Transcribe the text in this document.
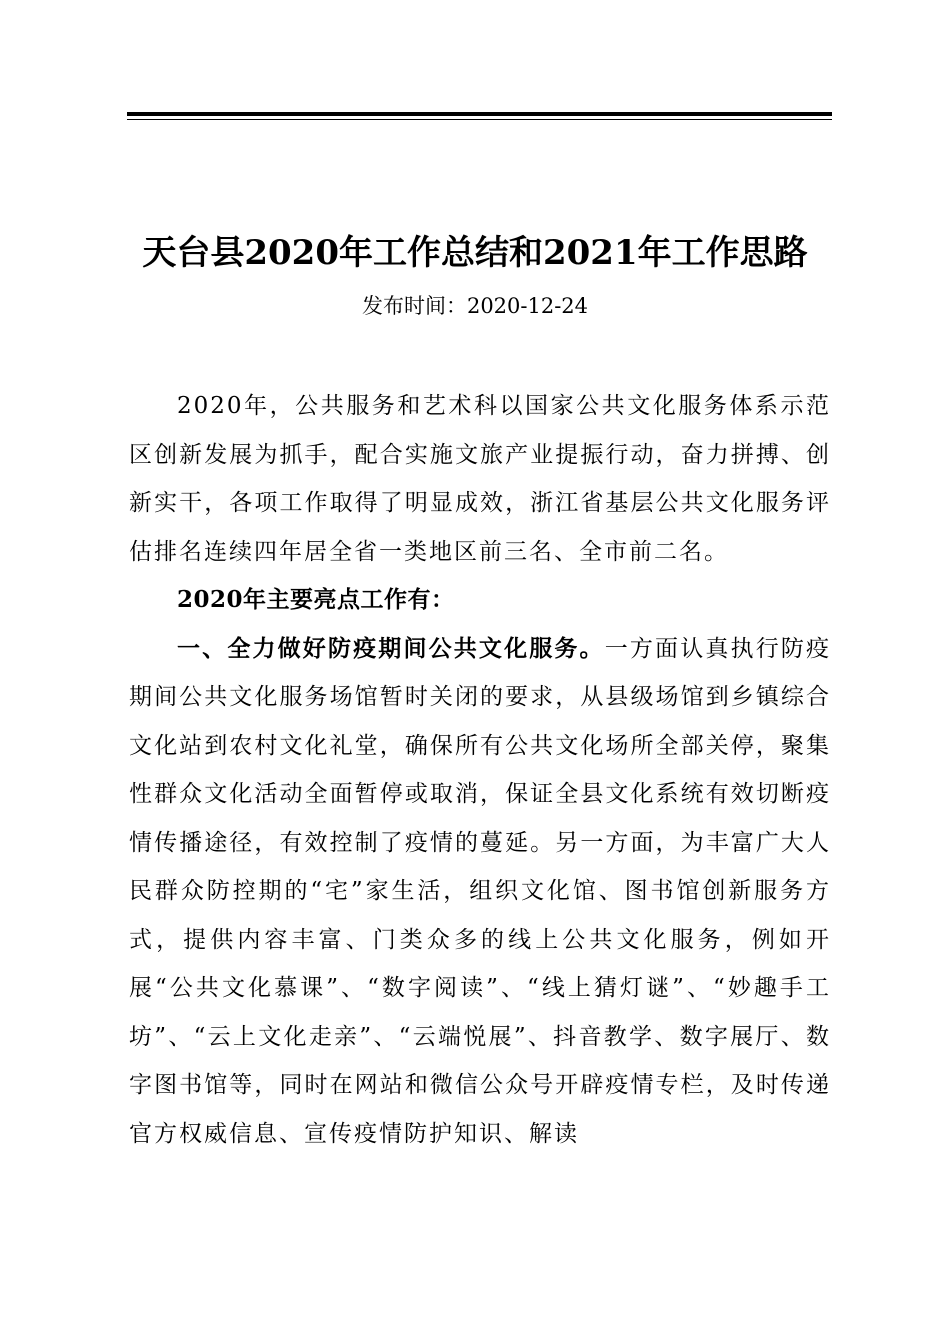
天台县2020年工作总结和2021年工作思路
发布时间：2020-12-24

2020年，公共服务和艺术科以国家公共文化服务体系示范区创新发展为抓手，配合实施文旅产业提振行动，奋力拼搏、创新实干，各项工作取得了明显成效，浙江省基层公共文化服务评估排名连续四年居全省一类地区前三名、全市前二名。

2020年主要亮点工作有：

一、全力做好防疫期间公共文化服务。一方面认真执行防疫期间公共文化服务场馆暂时关闭的要求，从县级场馆到乡镇综合文化站到农村文化礼堂，确保所有公共文化场所全部关停，聚集性群众文化活动全面暂停或取消，保证全县文化系统有效切断疫情传播途径，有效控制了疫情的蔓延。另一方面，为丰富广大人民群众防控期的“宅”家生活，组织文化馆、图书馆创新服务方式，提供内容丰富、门类众多的线上公共文化服务，例如开展“公共文化慕课”、“数字阅读”、“线上猜灯谜”、“妙趣手工坊”、“云上文化走亲”、“云端悦展”、抖音教学、数字展厅、数字图书馆等，同时在网站和微信公众号开辟疫情专栏，及时传递官方权威信息、宣传疫情防护知识、解读
